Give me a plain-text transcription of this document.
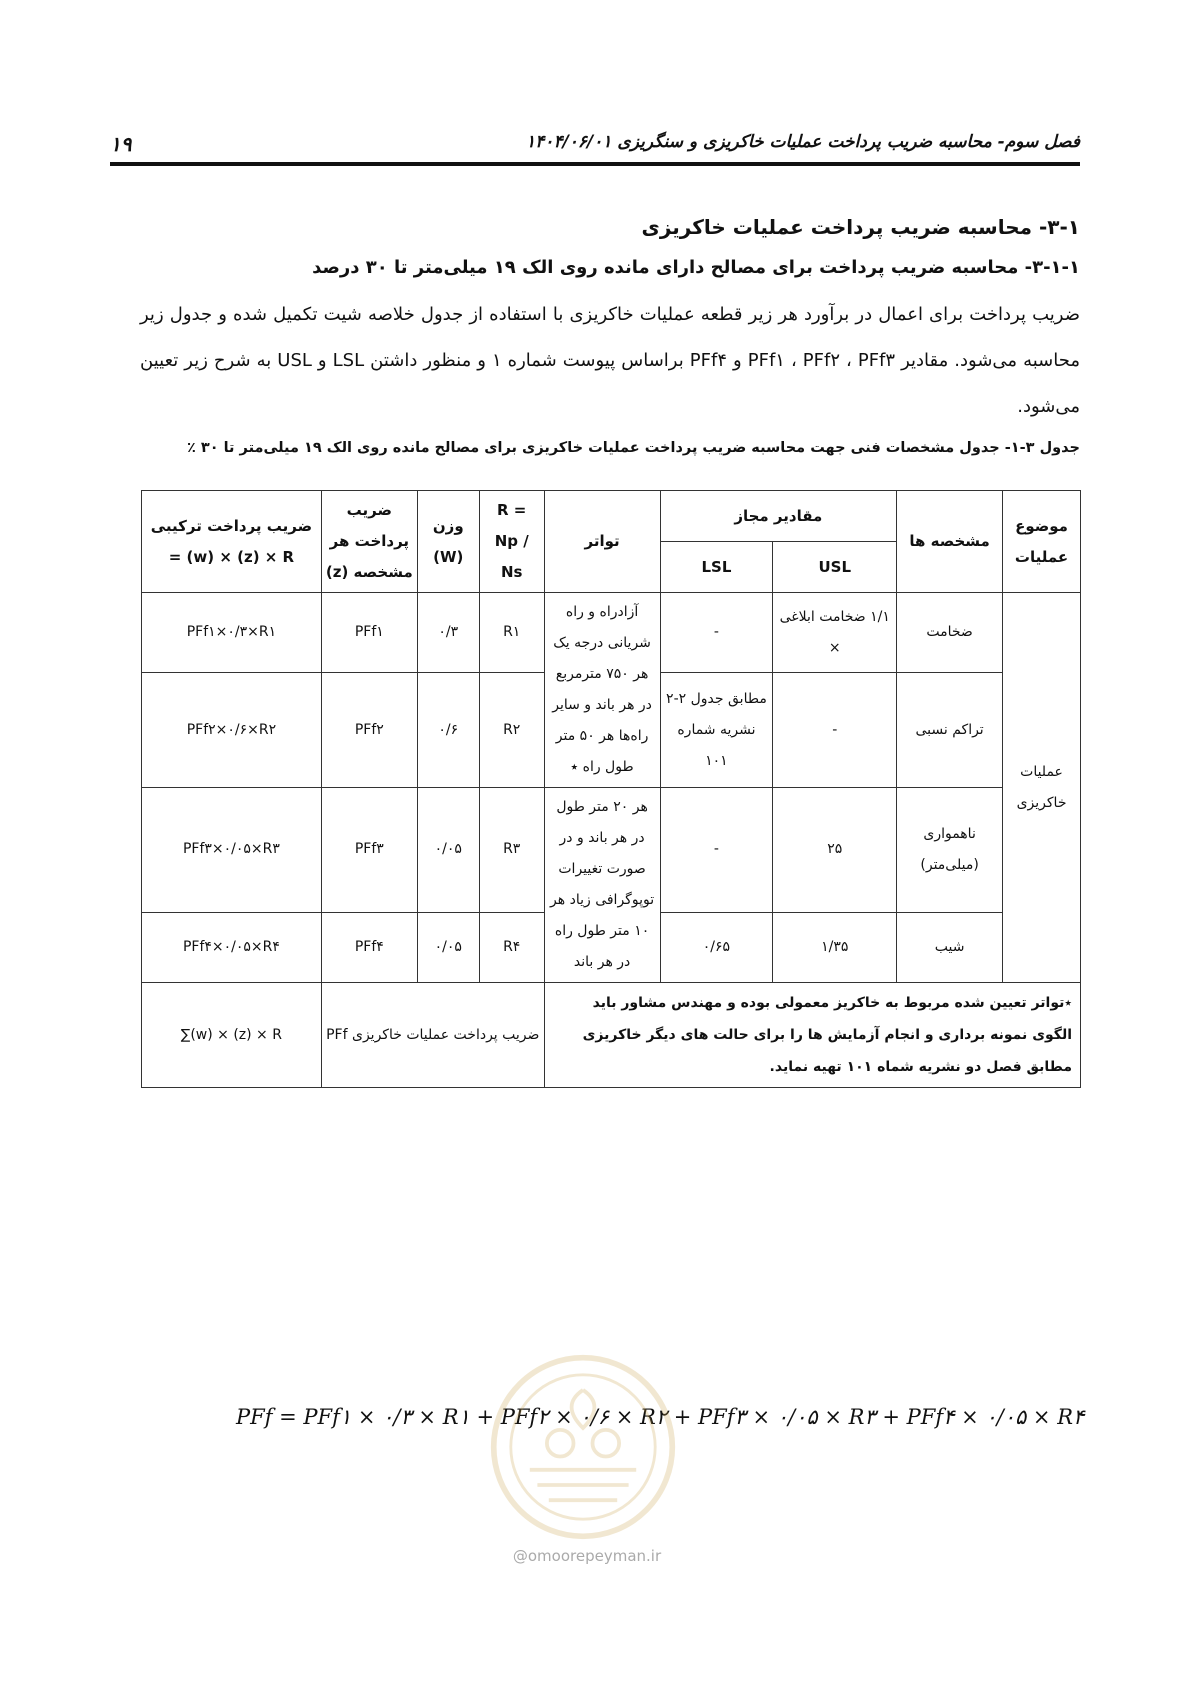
۱۹	فصل سوم- محاسبه ضریب پرداخت عملیات خاکریزی و سنگریزی ۱۴۰۴/۰۶/۰۱
۳-۱- محاسبه ضریب پرداخت عملیات خاکریزی
۳-۱-۱- محاسبه ضریب پرداخت برای مصالح دارای مانده روی الک ۱۹ میلی‌متر تا ۳۰ درصد

ضریب پرداخت برای اعمال در برآورد هر زیر قطعه عملیات خاکریزی با استفاده از جدول خلاصه شیت تکمیل شده و جدول زیر محاسبه می‌شود. مقادیر PFf۱ ، PFf۲ ، PFf۳ و PFf۴ براساس پیوست شماره ۱ و منظور داشتن LSL و USL به شرح زیر تعیین می‌شود.

جدول ۳-۱- جدول مشخصات فنی جهت محاسبه ضریب پرداخت عملیات خاکریزی برای مصالح مانده روی الک ۱۹ میلی‌متر تا ۳۰ ٪
موضوع عملیات	مشخصه ها	مقادیر مجاز		تواتر	R = Np / Ns	وزن (W)	ضریب پرداخت هر مشخصه (z)	ضریب پرداخت ترکیبی
= (w) × (z) × R

		USL	LSL					
عملیات خاکریزی	ضخامت	۱/۱ ضخامت ابلاغی ×	-	آزادراه و راه شریانی درجه یک هر ۷۵۰ مترمربع در هر باند و سایر راه‌ها هر ۵۰ متر طول راه ٭	R۱	۰/۳	PFf۱	PFf۱×۰/۳×R۱
	تراکم نسبی	-	مطابق جدول ۲-۲ نشریه شماره ۱۰۱		R۲	۰/۶	PFf۲	PFf۲×۰/۶×R۲
	ناهمواری (میلی‌متر)	۲۵	-	هر ۲۰ متر طول در هر باند و در صورت تغییرات توپوگرافی زیاد هر ۱۰ متر طول راه در هر باند	R۳	۰/۰۵	PFf۳	PFf۳×۰/۰۵×R۳
	شیب	۱/۳۵	۰/۶۵		R۴	۰/۰۵	PFf۴	PFf۴×۰/۰۵×R۴
٭تواتر تعیین شده مربوط به خاکریز معمولی بوده و مهندس مشاور باید الگوی نمونه برداری و انجام آزمایش ها را برای حالت های دیگر خاکریزی مطابق فصل دو نشریه شماه ۱۰۱ تهیه نماید.					ضریب پرداخت عملیات خاکریزی PFf			∑(w) × (z) × R
PFf = PFf۱ × ۰/۳ × R۱ + PFf۲ × ۰/۶ × R۲ + PFf۳ × ۰/۰۵ × R۳ + PFf۴ × ۰/۰۵ × R۴
@omoorepeyman.ir
